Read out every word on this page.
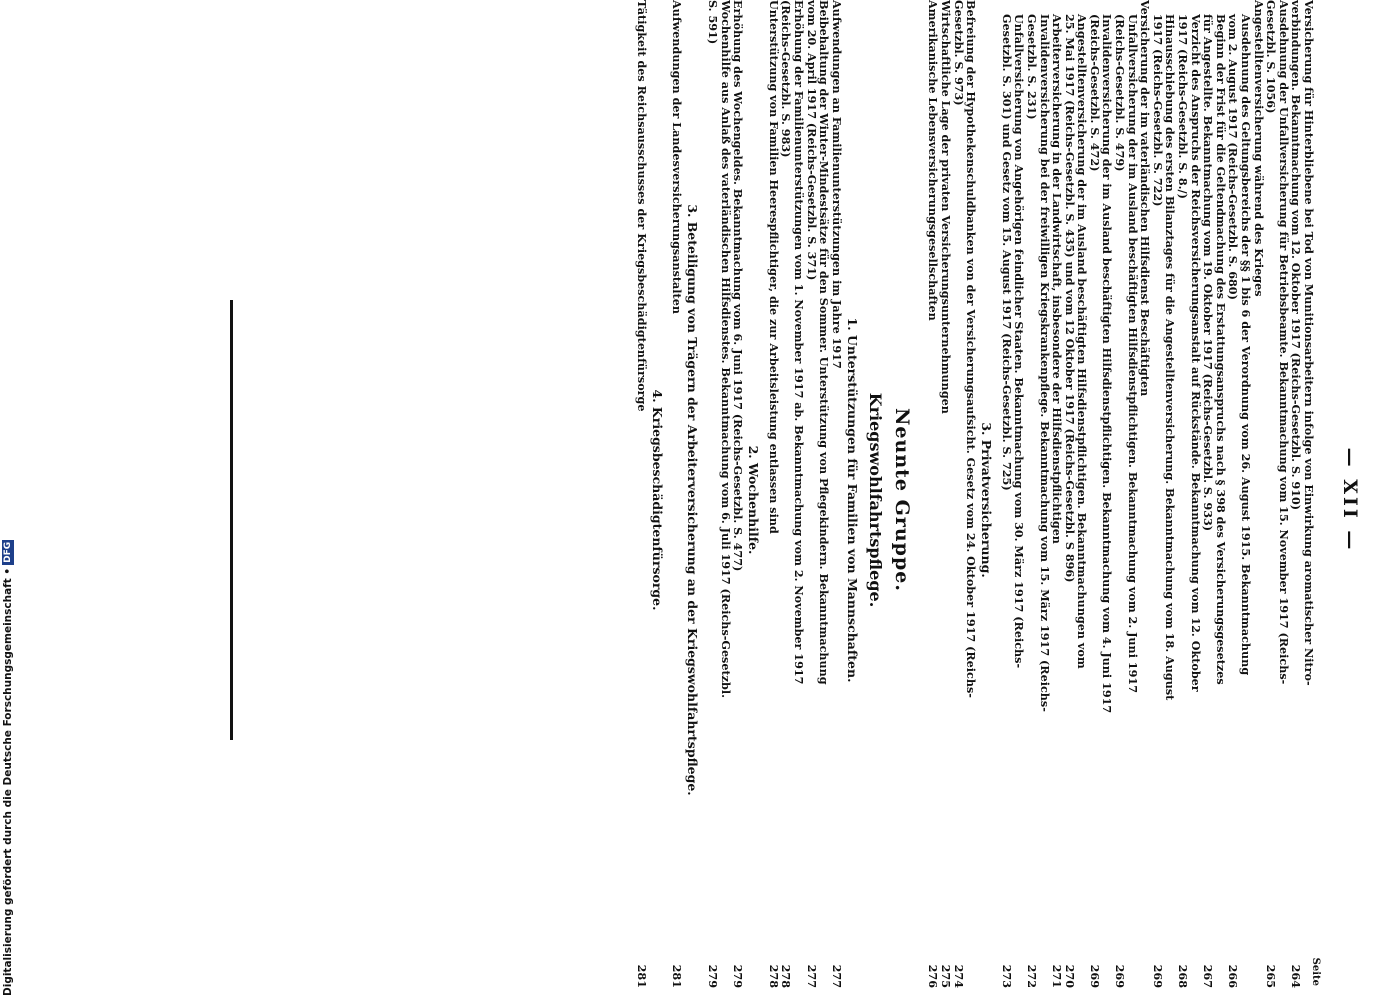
— XII —
Seite
Versicherung für Hinterbliebene bei Tod von Munitionsarbeitern infolge von Einwirkung aromatischer Nitro-
verbindungen. Bekanntmachung vom 12. Oktober 1917 (Reichs-Gesetzbl. S. 910)
264
Ausdehnung der Unfallversicherung für Betriebsbeamte. Bekanntmachung vom 15. November 1917 (Reichs-
Gesetzbl. S. 1056)
265
Angestelltenversicherung während des Krieges
Ausdehnung des Geltungsbereichs der §§ 1 bis 6 der Verordnung vom 26. August 1915. Bekanntmachung
vom 2. August 1917 (Reichs-Gesetzbl. S. 680)
266
Beginn der Frist für die Geltendmachung des Erstattungsanspruchs nach § 398 des Versicherungsgesetzes
für Angestellte. Bekanntmachung vom 19. Oktober 1917 (Reichs-Gesetzbl. S. 933)
267
Verzicht des Anspruchs der Reichsversicherungsanstalt auf Rückstände. Bekanntmachung vom 12. Oktober
1917 (Reichs-Gesetzbl. S. 8./)
268
Hinausschiebung des ersten Bilanztages für die Angestelltenversicherung. Bekanntmachung vom 18. August
1917 (Reichs-Gesetzbl. S. 722)
269
Versicherung der im vaterländischen Hilfsdienst Beschäftigten
Unfallversicherung der im Ausland beschäftigten Hilfsdienstpflichtigen. Bekanntmachung vom 2. Juni 1917
(Reichs-Gesetzbl. S. 479)
269
Invalidenversicherung der im Ausland beschäftigten Hilfsdienstpflichtigen. Bekanntmachung vom 4. Juni 1917
(Reichs-Gesetzbl. S. 472)
269
Angestelltenversicherung der im Ausland beschäftigten Hilfsdienstpflichtigen. Bekanntmachungen vom
25. Mai 1917 (Reichs-Gesetzbl. S. 435) und vom 12 Oktober 1917 (Reichs-Gesetzbl. S 896)
270
Arbeiterversicherung in der Landwirtschaft, insbesondere der Hilfsdienstpflichtigen
271
Invalidenversicherung bei der freiwilligen Kriegskrankenpflege. Bekanntmachung vom 15. März 1917 (Reichs-
Gesetzbl. S. 231)
272
Unfallversicherung von Angehörigen feindlicher Staaten. Bekanntmachung vom 30. März 1917 (Reichs-
Gesetzbl. S. 301) und Gesetz vom 15. August 1917 (Reichs-Gesetzbl. S. 725)
273
3. Privatversicherung.
Befreiung der Hypothekenschuldbanken von der Versicherungsaufsicht. Gesetz vom 24. Oktober 1917 (Reichs-
Gesetzbl. S. 973)
274
Wirtschaftliche Lage der privaten Versicherungsunternehmungen
275
Amerikanische Lebensversicherungsgesellschaften
276
Neunte Gruppe.
Kriegswohlfahrtspflege.
1. Unterstützungen für Familien von Mannschaften.
Aufwendungen an Familienunterstützungen im Jahre 1917
277
Beibehaltung der Winter-Mindestsätze für den Sommer. Unterstützung von Pflegekindern. Bekanntmachung
vom 20. April 1917 (Reichs-Gesetzbl. S. 371)
277
Erhöhung der Familienunterstützungen vom 1. November 1917 ab. Bekanntmachung vom 2. November 1917
(Reichs-Gesetzbl. S. 983)
278
Unterstützung von Familien Heerespflichtiger, die zur Arbeitsleistung entlassen sind
278
2. Wochenhilfe.
Erhöhung des Wochengeldes. Bekanntmachung vom 6. Juni 1917 (Reichs-Gesetzbl. S. 477)
279
Wochenhilfe aus Anlaß des vaterländischen Hilfsdienstes. Bekanntmachung vom 6. Juli 1917 (Reichs-Gesetzbl.
S. 591)
279
3. Beteiligung von Trägern der Arbeiterversicherung an der Kriegswohlfahrtspflege.
Aufwendungen der Landesversicherungsanstalten
281
4. Kriegsbeschädigtenfürsorge.
Tätigkeit des Reichsausschusses der Kriegsbeschädigtenfürsorge
281
Digitalisierung gefördert durch die Deutsche Forschungsgemeinschaft •DFG
